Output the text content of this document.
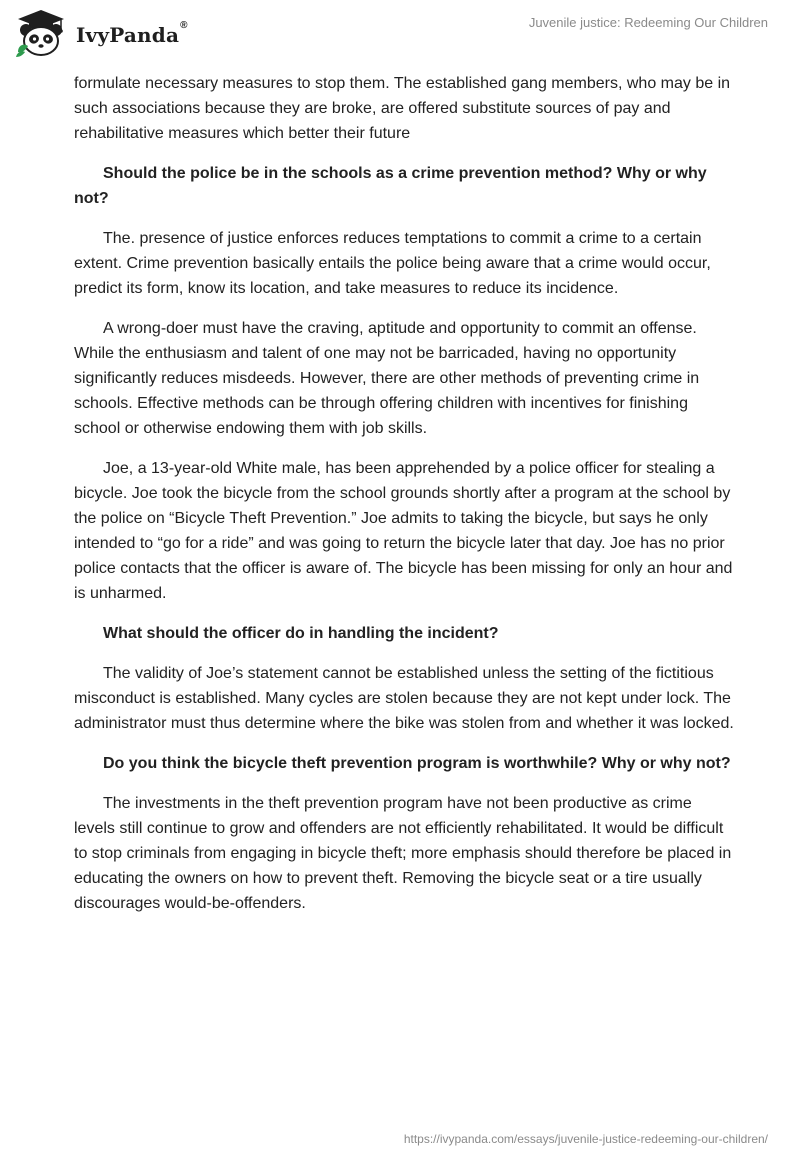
IvyPanda®	Juvenile justice: Redeeming Our Children

formulate necessary measures to stop them. The established gang members, who may be in such associations because they are broke, are offered substitute sources of pay and rehabilitative measures which better their future

Should the police be in the schools as a crime prevention method? Why or why not?

The. presence of justice enforces reduces temptations to commit a crime to a certain extent. Crime prevention basically entails the police being aware that a crime would occur, predict its form, know its location, and take measures to reduce its incidence.

A wrong-doer must have the craving, aptitude and opportunity to commit an offense. While the enthusiasm and talent of one may not be barricaded, having no opportunity significantly reduces misdeeds. However, there are other methods of preventing crime in schools. Effective methods can be through offering children with incentives for finishing school or otherwise endowing them with job skills.

Joe, a 13-year-old White male, has been apprehended by a police officer for stealing a bicycle. Joe took the bicycle from the school grounds shortly after a program at the school by the police on “Bicycle Theft Prevention.” Joe admits to taking the bicycle, but says he only intended to “go for a ride” and was going to return the bicycle later that day. Joe has no prior police contacts that the officer is aware of. The bicycle has been missing for only an hour and is unharmed.

What should the officer do in handling the incident?

The validity of Joe’s statement cannot be established unless the setting of the fictitious misconduct is established. Many cycles are stolen because they are not kept under lock. The administrator must thus determine where the bike was stolen from and whether it was locked.

Do you think the bicycle theft prevention program is worthwhile? Why or why not?

The investments in the theft prevention program have not been productive as crime levels still continue to grow and offenders are not efficiently rehabilitated. It would be difficult to stop criminals from engaging in bicycle theft; more emphasis should therefore be placed in educating the owners on how to prevent theft. Removing the bicycle seat or a tire usually discourages would-be-offenders.

https://ivypanda.com/essays/juvenile-justice-redeeming-our-children/
